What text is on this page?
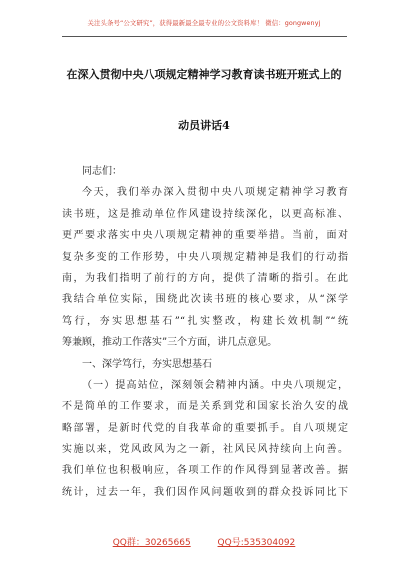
关注头条号“公文研究”，获得最新最全最专业的公文资料库！ 微信：gongwenyj
在深入贯彻中央八项规定精神学习教育读书班开班式上的
动员讲话4
同志们：
今天，我们举办深入贯彻中央八项规定精神学习教育
读书班，这是推动单位作风建设持续深化，以更高标准、
更严要求落实中央八项规定精神的重要举措。当前，面对
复杂多变的工作形势，中央八项规定精神是我们的行动指
南，为我们指明了前行的方向，提供了清晰的指引。在此
我结合单位实际，围绕此次读书班的核心要求，从“深学
笃行，夯实思想基石”“扎实整改，构建长效机制”“统
筹兼顾，推动工作落实”三个方面，讲几点意见。
一、深学笃行，夯实思想基石
（一）提高站位，深刻领会精神内涵。中央八项规定，
不是简单的工作要求，而是关系到党和国家长治久安的战
略部署，是新时代党的自我革命的重要抓手。自八项规定
实施以来，党风政风为之一新，社风民风持续向上向善。
我们单位也积极响应，各项工作的作风得到显著改善。据
统计，过去一年，我们因作风问题收到的群众投诉同比下
QQ群：30265665	QQ号:535304092
